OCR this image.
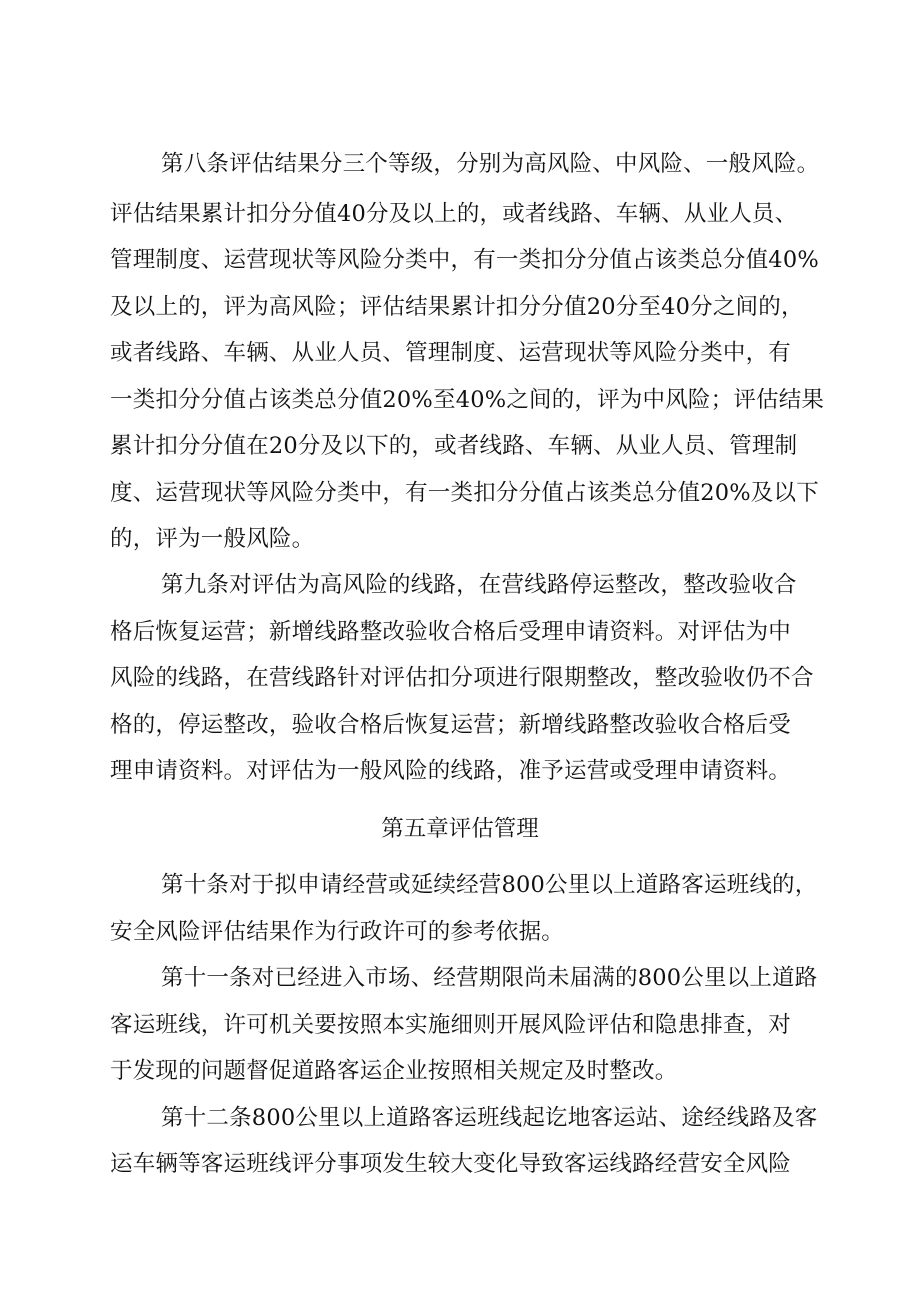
第八条评估结果分三个等级，分别为高风险、中风险、一般风险。
评估结果累计扣分分值40分及以上的，或者线路、车辆、从业人员、
管理制度、运营现状等风险分类中，有一类扣分分值占该类总分值40%
及以上的，评为高风险；评估结果累计扣分分值20分至40分之间的，
或者线路、车辆、从业人员、管理制度、运营现状等风险分类中，有
一类扣分分值占该类总分值20%至40%之间的，评为中风险；评估结果
累计扣分分值在20分及以下的，或者线路、车辆、从业人员、管理制
度、运营现状等风险分类中，有一类扣分分值占该类总分值20%及以下
的，评为一般风险。
第九条对评估为高风险的线路，在营线路停运整改，整改验收合
格后恢复运营；新增线路整改验收合格后受理申请资料。对评估为中
风险的线路，在营线路针对评估扣分项进行限期整改，整改验收仍不合
格的，停运整改，验收合格后恢复运营；新增线路整改验收合格后受
理申请资料。对评估为一般风险的线路，准予运营或受理申请资料。
第五章评估管理
第十条对于拟申请经营或延续经营800公里以上道路客运班线的，
安全风险评估结果作为行政许可的参考依据。
第十一条对已经进入市场、经营期限尚未届满的800公里以上道路
客运班线，许可机关要按照本实施细则开展风险评估和隐患排查，对
于发现的问题督促道路客运企业按照相关规定及时整改。
第十二条800公里以上道路客运班线起讫地客运站、途经线路及客
运车辆等客运班线评分事项发生较大变化导致客运线路经营安全风险
